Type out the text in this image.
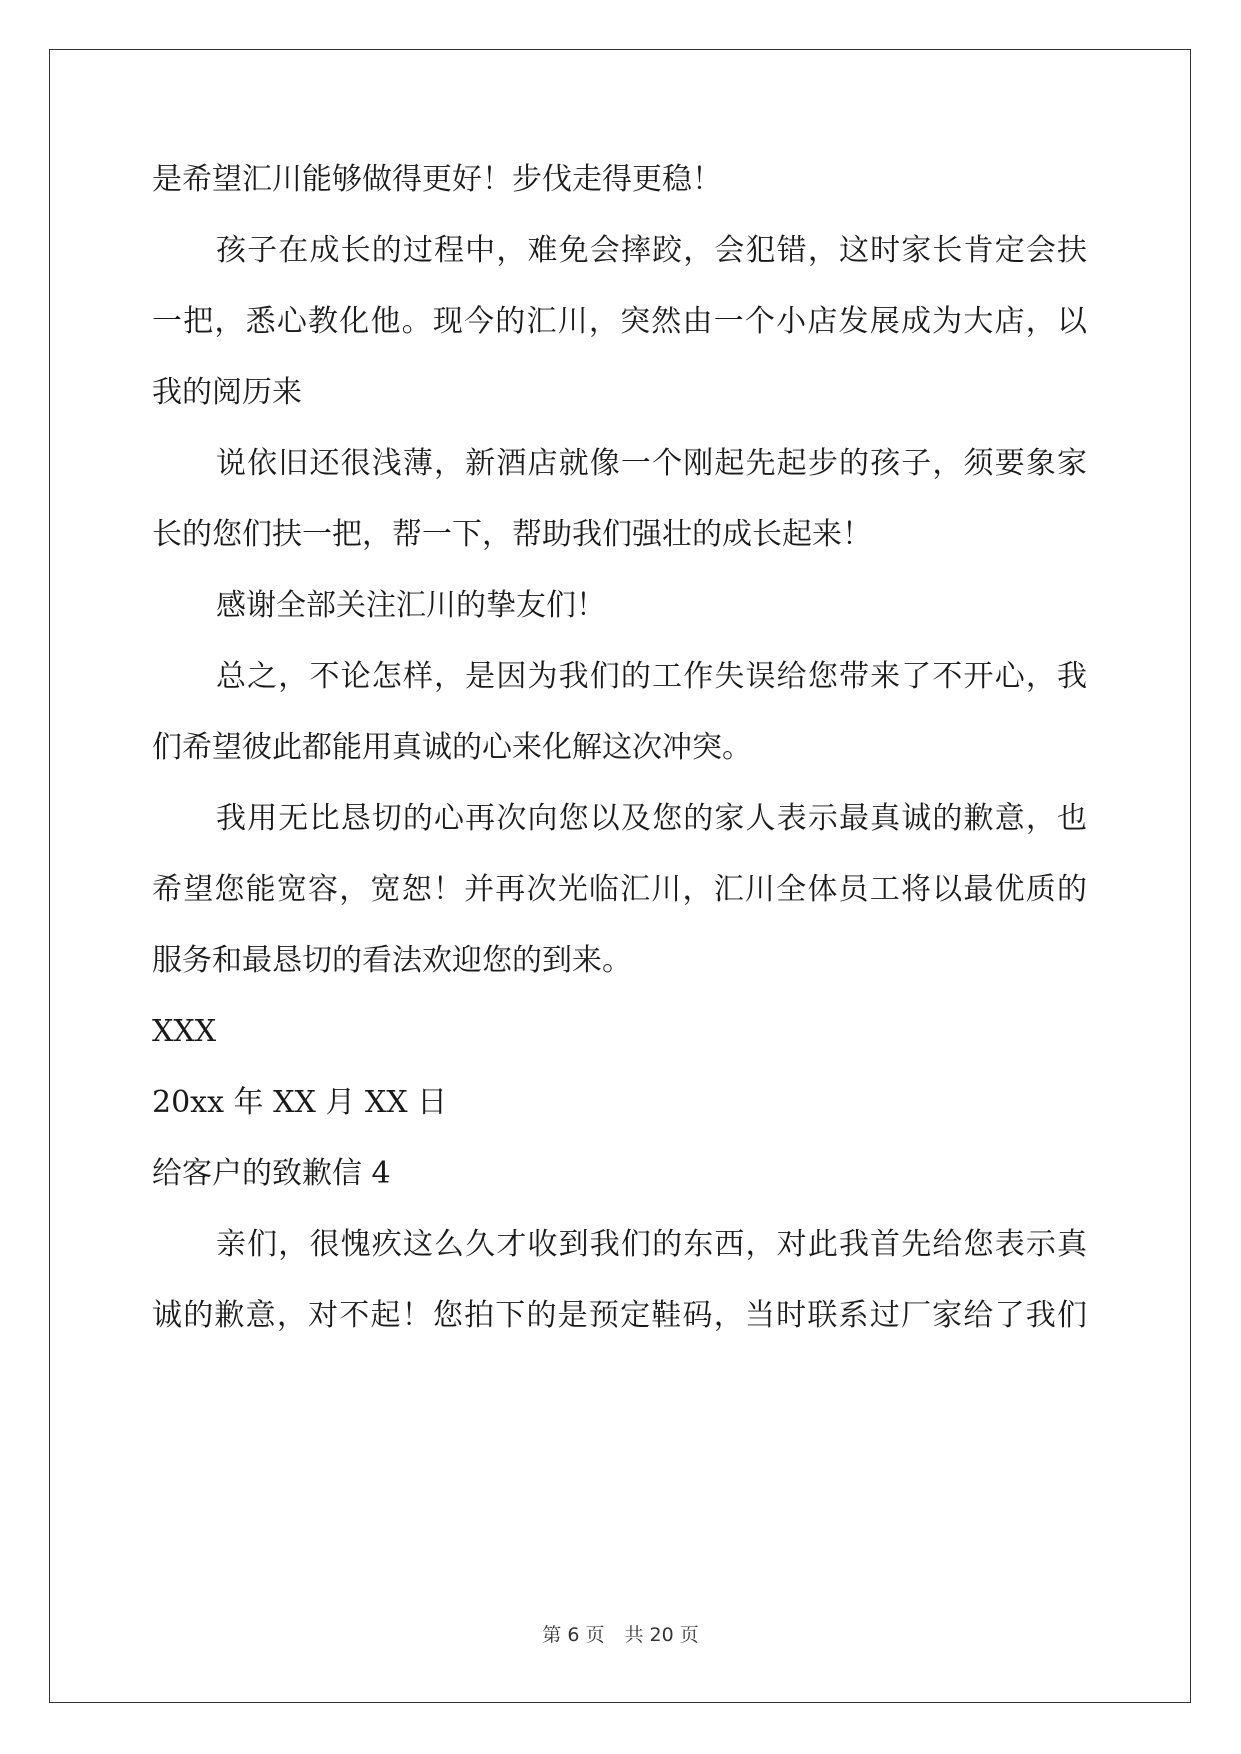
是希望汇川能够做得更好！步伐走得更稳！
孩子在成长的过程中，难免会摔跤，会犯错，这时家长肯定会扶
一把，悉心教化他。现今的汇川，突然由一个小店发展成为大店，以
我的阅历来
说依旧还很浅薄，新酒店就像一个刚起先起步的孩子，须要象家
长的您们扶一把，帮一下，帮助我们强壮的成长起来！
感谢全部关注汇川的挚友们！
总之，不论怎样，是因为我们的工作失误给您带来了不开心，我
们希望彼此都能用真诚的心来化解这次冲突。
我用无比恳切的心再次向您以及您的家人表示最真诚的歉意，也
希望您能宽容，宽恕！并再次光临汇川，汇川全体员工将以最优质的
服务和最恳切的看法欢迎您的到来。
XXX
20xx 年 XX 月 XX 日
给客户的致歉信 4
亲们，很愧疚这么久才收到我们的东西，对此我首先给您表示真
诚的歉意，对不起！您拍下的是预定鞋码，当时联系过厂家给了我们
第 6 页 共 20 页
